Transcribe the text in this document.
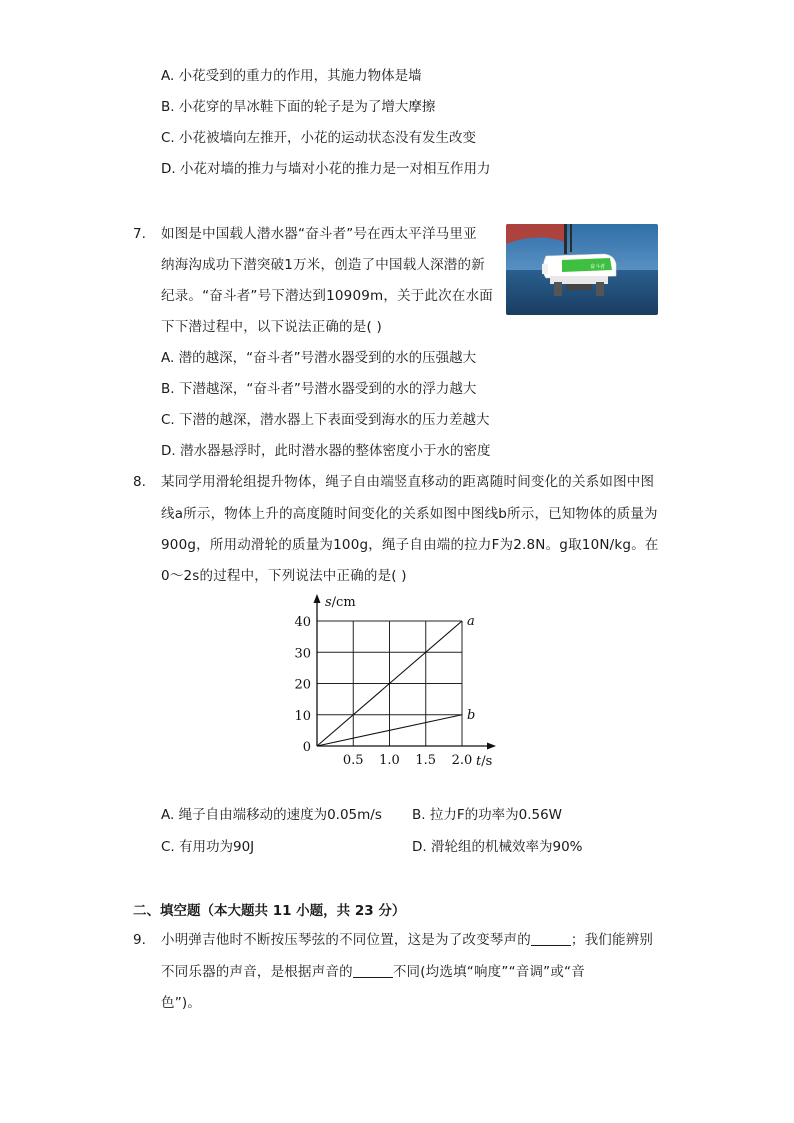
A. 小花受到的重力的作用，其施力物体是墙
B. 小花穿的旱冰鞋下面的轮子是为了增大摩擦
C. 小花被墙向左推开，小花的运动状态没有发生改变
D. 小花对墙的推力与墙对小花的推力是一对相互作用力
7. 如图是中国载人潜水器“奋斗者”号在西太平洋马里亚
纳海沟成功下潜突破1万米，创造了中国载人深潜的新
纪录。“奋斗者”号下潜达到10909m，关于此次在水面
下下潜过程中，以下说法正确的是( )
奋斗者
A. 潜的越深，“奋斗者”号潜水器受到的水的压强越大
B. 下潜越深，“奋斗者”号潜水器受到的水的浮力越大
C. 下潜的越深，潜水器上下表面受到海水的压力差越大
D. 潜水器悬浮时，此时潜水器的整体密度小于水的密度
8. 某同学用滑轮组提升物体，绳子自由端竖直移动的距离随时间变化的关系如图中图
线a所示，物体上升的高度随时间变化的关系如图中图线b所示，已知物体的质量为
900g，所用动滑轮的质量为100g，绳子自由端的拉力F为2.8N。g取10N/kg。在
0～2s的过程中，下列说法中正确的是( )
0.5 1.0 1.5 2.0
0
10
20
30
40
s/cm
t/s
a
b
A. 绳子自由端移动的速度为0.05m/s B. 拉力F的功率为0.56W
C. 有用功为90J	D. 滑轮组的机械效率为90%
二、填空题（本大题共 11 小题，共 23 分）
9. 小明弹吉他时不断按压琴弦的不同位置，这是为了改变琴声的	；我们能辨别
不同乐器的声音，是根据声音的	不同(均选填“响度”“音调”或“音
色”)。
